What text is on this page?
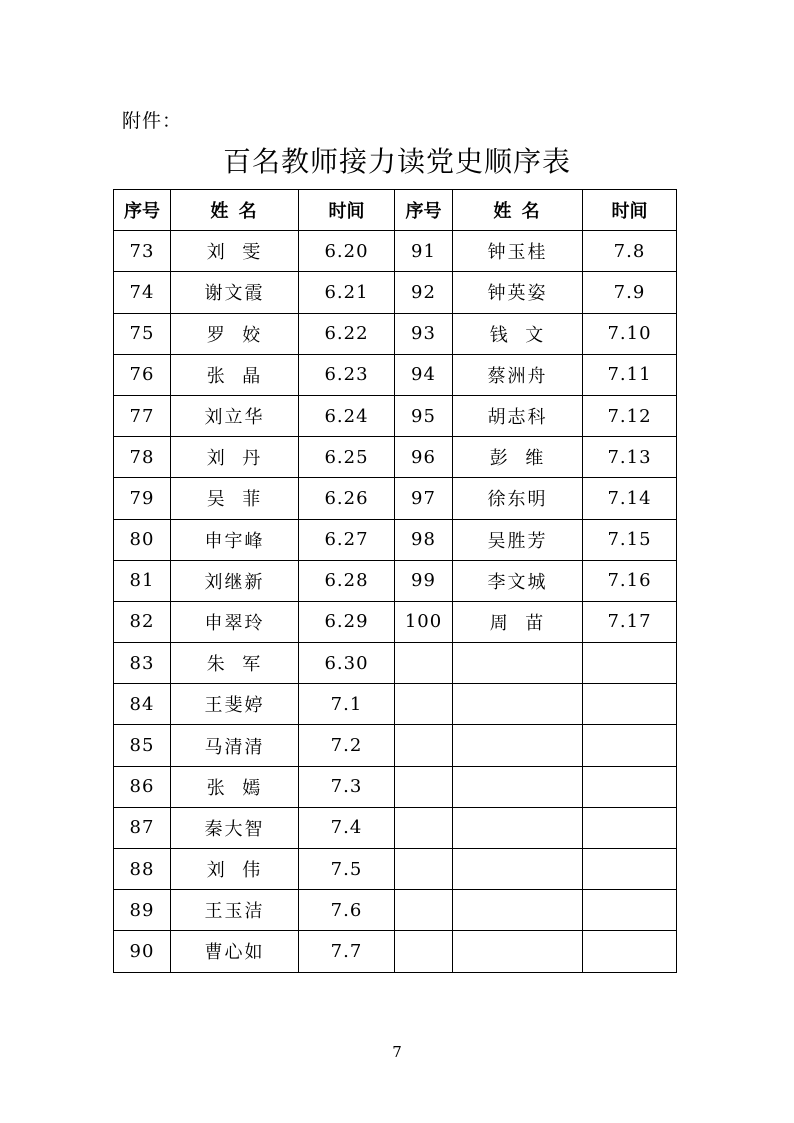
附件：
百名教师接力读党史顺序表
序号	姓 名	时间	序号	姓 名	时间
73	刘  雯	6.20	91	钟玉桂	7.8
74	谢文霞	6.21	92	钟英姿	7.9
75	罗  姣	6.22	93	钱  文	7.10
76	张  晶	6.23	94	蔡洲舟	7.11
77	刘立华	6.24	95	胡志科	7.12
78	刘  丹	6.25	96	彭  维	7.13
79	吴  菲	6.26	97	徐东明	7.14
80	申宇峰	6.27	98	吴胜芳	7.15
81	刘继新	6.28	99	李文城	7.16
82	申翠玲	6.29	100	周  苗	7.17
83	朱  军	6.30			
84	王斐婷	7.1			
85	马清清	7.2			
86	张  嫣	7.3			
87	秦大智	7.4			
88	刘  伟	7.5			
89	王玉洁	7.6			
90	曹心如	7.7			
7
